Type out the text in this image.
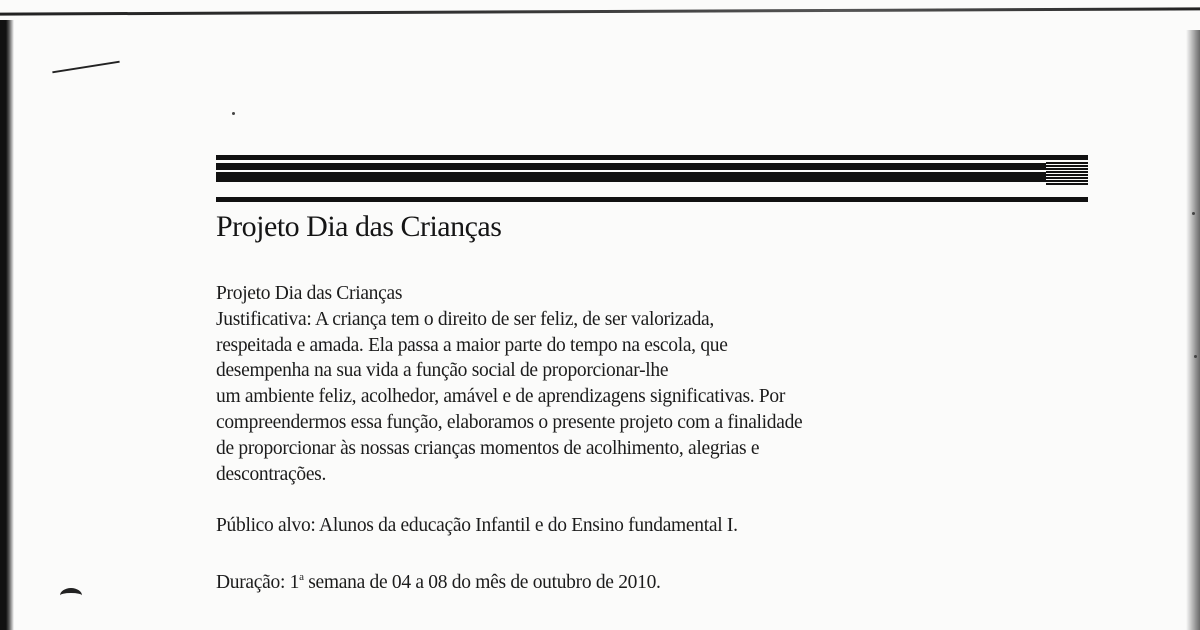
Projeto Dia das Crianças
Projeto Dia das Crianças
Justificativa: A criança tem o direito de ser feliz, de ser valorizada,
respeitada e amada. Ela passa a maior parte do tempo na escola, que
desempenha na sua vida a função social de proporcionar-lhe
um ambiente feliz, acolhedor, amável e de aprendizagens significativas. Por
compreendermos essa função, elaboramos o presente projeto com a finalidade
de proporcionar às nossas crianças momentos de acolhimento, alegrias e
descontrações.
Público alvo: Alunos da educação Infantil e do Ensino fundamental I.
Duração: 1$^a$ semana de 04 a 08 do mês de outubro de 2010.
